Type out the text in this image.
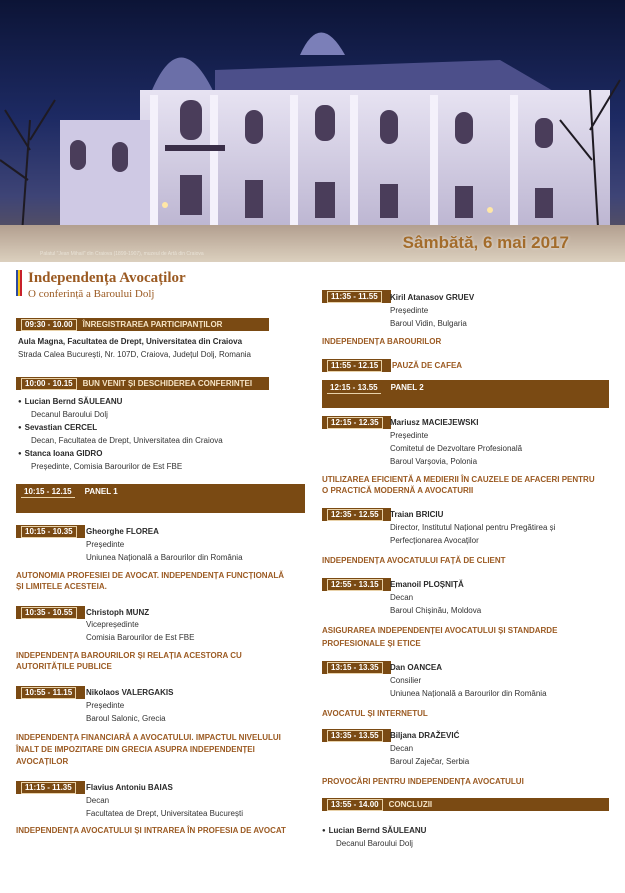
Palatul "Jean Mihail" din Craiova (1899-1907), muzeul de Artă din Craiova
Sâmbătă, 6 mai 2017
Independența Avocaților
O conferință a Baroului Dolj
09:30 - 10.00 ÎNREGISTRAREA PARTICIPANȚILOR
Aula Magna, Facultatea de Drept, Universitatea din Craiova
Strada Calea București, Nr. 107D, Craiova, Județul Dolj, Romania
10:00 - 10.15 BUN VENIT ȘI DESCHIDEREA CONFERINȚEI
● Lucian Bernd SĂULEANU
Decanul Baroului Dolj
● Sevastian CERCEL
Decan, Facultatea de Drept, Universitatea din Craiova
● Stanca Ioana GIDRO
Președinte, Comisia Barourilor de Est FBE
10:15 - 12.15 PANEL 1
10:15 - 10.35	Gheorghe FLOREA
Președinte
Uniunea Națională a Barourilor din România
AUTONOMIA PROFESIEI DE AVOCAT. INDEPENDENȚA FUNCȚIONALĂ
ȘI LIMITELE ACESTEIA.
10:35 - 10.55	Christoph MUNZ
Vicepreședinte
Comisia Barourilor de Est FBE
INDEPENDENȚA BAROURILOR ȘI RELAȚIA ACESTORA CU
AUTORITĂȚILE PUBLICE
10:55 - 11.15	Nikolaos VALERGAKIS
Președinte
Baroul Salonic, Grecia
INDEPENDENȚA FINANCIARĂ A AVOCATULUI. IMPACTUL NIVELULUI
ÎNALT DE IMPOZITARE DIN GRECIA ASUPRA INDEPENDENȚEI
AVOCAȚILOR
11:15 - 11.35	Flavius Antoniu BAIAS
Decan
Facultatea de Drept, Universitatea București
INDEPENDENȚA AVOCATULUI ȘI INTRAREA ÎN PROFESIA DE AVOCAT
11:35 - 11.55	Kiril Atanasov GRUEV
Președinte
Baroul Vidin, Bulgaria
INDEPENDENȚA BAROURILOR
11:55 - 12.15	PAUZĂ DE CAFEA
12:15 - 13.55 PANEL 2
12:15 - 12.35	Mariusz MACIEJEWSKI
Președinte
Comitetul de Dezvoltare Profesională
Baroul Varșovia, Polonia
UTILIZAREA EFICIENTĂ A MEDIERII ÎN CAUZELE DE AFACERI PENTRU
O PRACTICĂ MODERNĂ A AVOCATURII
12:35 - 12.55	Traian BRICIU
Director, Institutul Național pentru Pregătirea și
Perfecționarea Avocaților
INDEPENDENȚA AVOCATULUI FAȚĂ DE CLIENT
12:55 - 13.15	Emanoil PLOȘNIȚĂ
Decan
Baroul Chișinău, Moldova
ASIGURAREA INDEPENDENȚEI AVOCATULUI ȘI STANDARDE
PROFESIONALE ȘI ETICE
13:15 - 13.35	Dan OANCEA
Consilier
Uniunea Națională a Barourilor din România
AVOCATUL ȘI INTERNETUL
13:35 - 13.55	Biljana DRAŽEVIĆ
Decan
Baroul Zaječar, Serbia
PROVOCĂRI PENTRU INDEPENDENȚA AVOCATULUI
13:55 - 14.00 CONCLUZII
● Lucian Bernd SĂULEANU
Decanul Baroului Dolj
